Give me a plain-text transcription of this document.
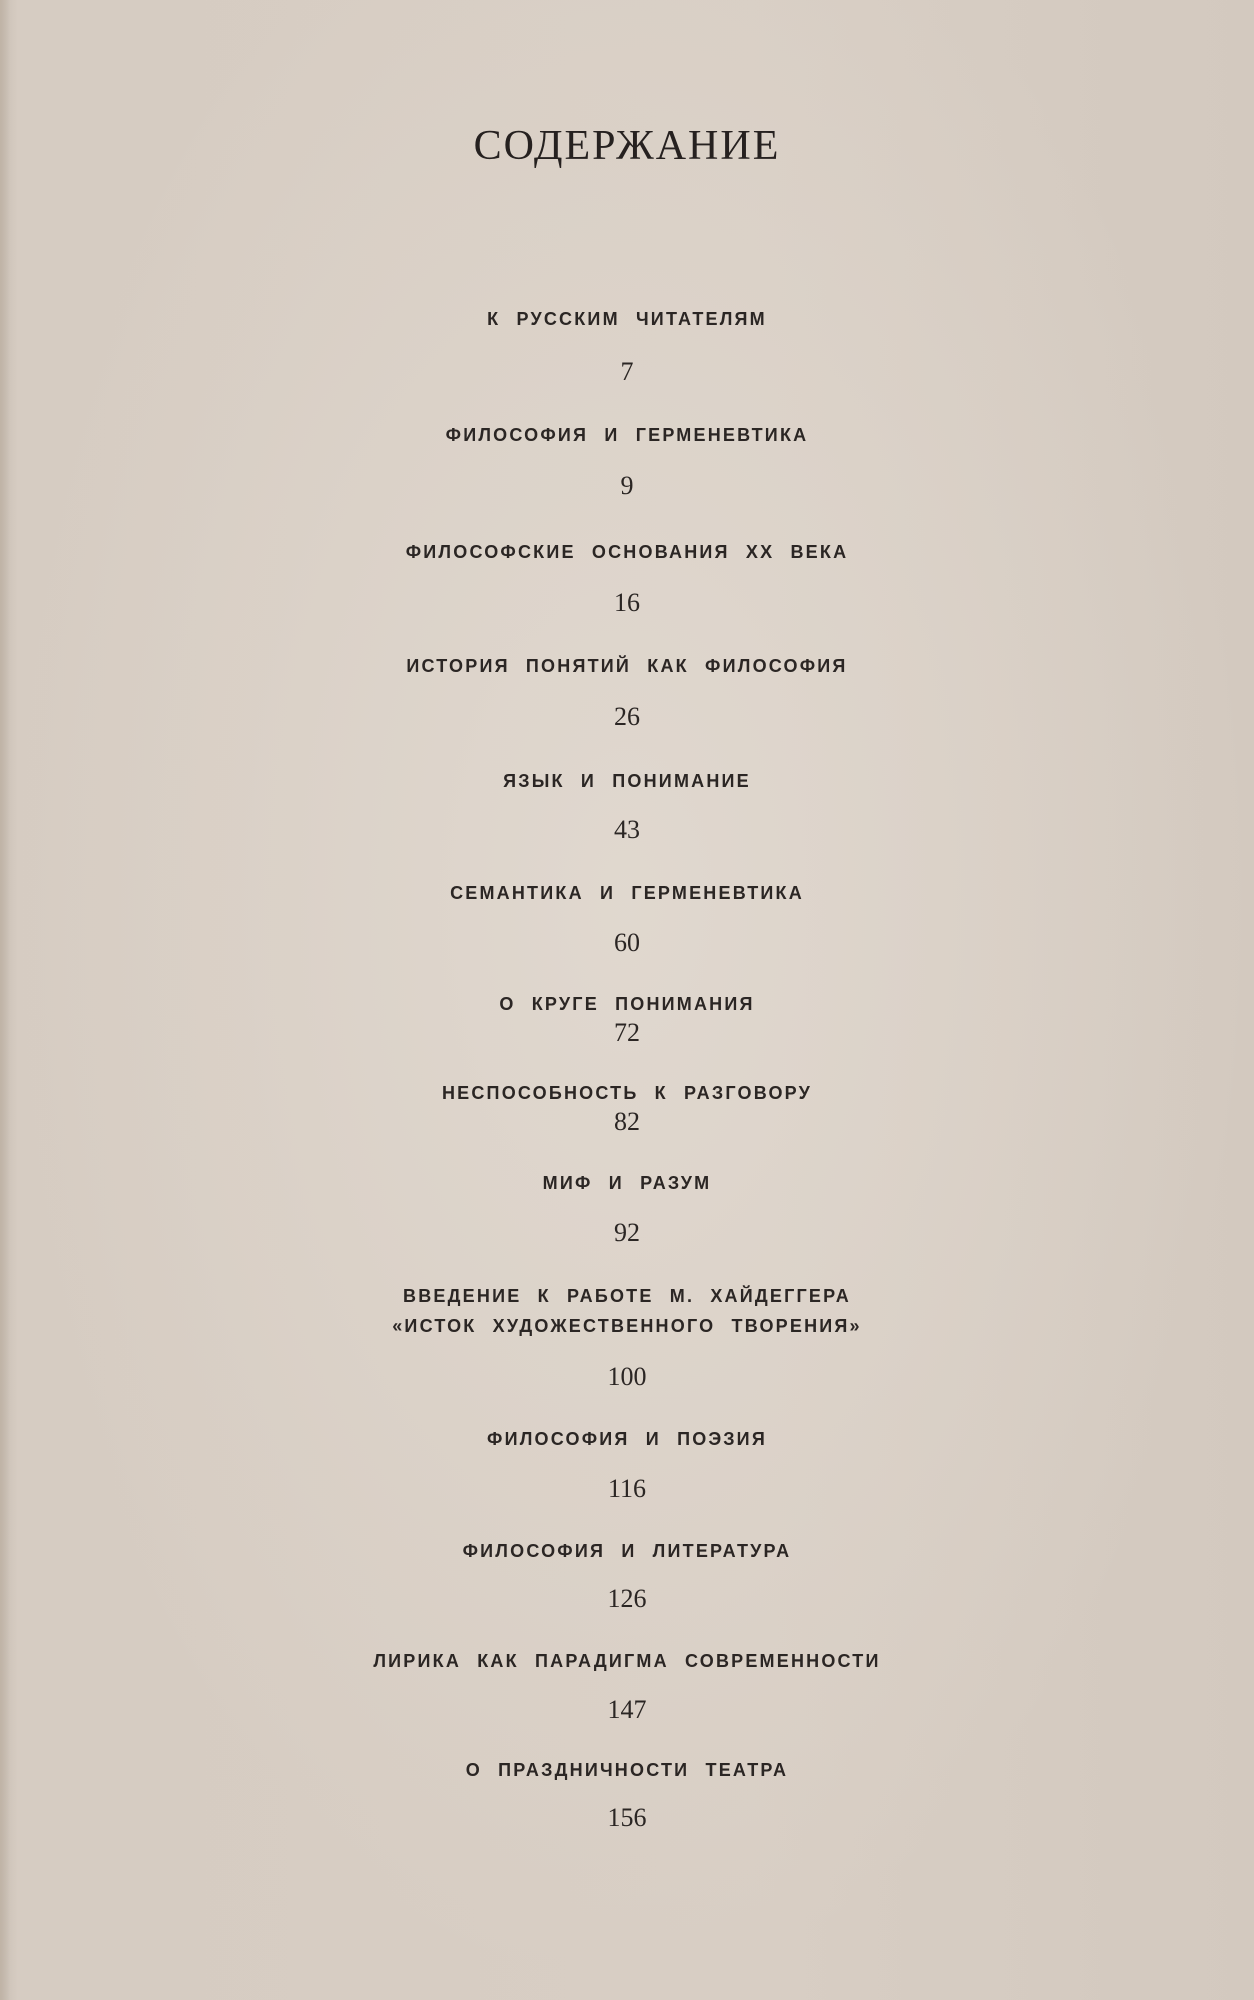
СОДЕРЖАНИЕ
К РУССКИМ ЧИТАТЕЛЯМ
7
ФИЛОСОФИЯ И ГЕРМЕНЕВТИКА
9
ФИЛОСОФСКИЕ ОСНОВАНИЯ XX ВЕКА
16
ИСТОРИЯ ПОНЯТИЙ КАК ФИЛОСОФИЯ
26
ЯЗЫК И ПОНИМАНИЕ
43
СЕМАНТИКА И ГЕРМЕНЕВТИКА
60
О КРУГЕ ПОНИМАНИЯ
72
НЕСПОСОБНОСТЬ К РАЗГОВОРУ
82
МИФ И РАЗУМ
92
ВВЕДЕНИЕ К РАБОТЕ М. ХАЙДЕГГЕРА
«ИСТОК ХУДОЖЕСТВЕННОГО ТВОРЕНИЯ»
100
ФИЛОСОФИЯ И ПОЭЗИЯ
116
ФИЛОСОФИЯ И ЛИТЕРАТУРА
126
ЛИРИКА КАК ПАРАДИГМА СОВРЕМЕННОСТИ
147
О ПРАЗДНИЧНОСТИ ТЕАТРА
156
